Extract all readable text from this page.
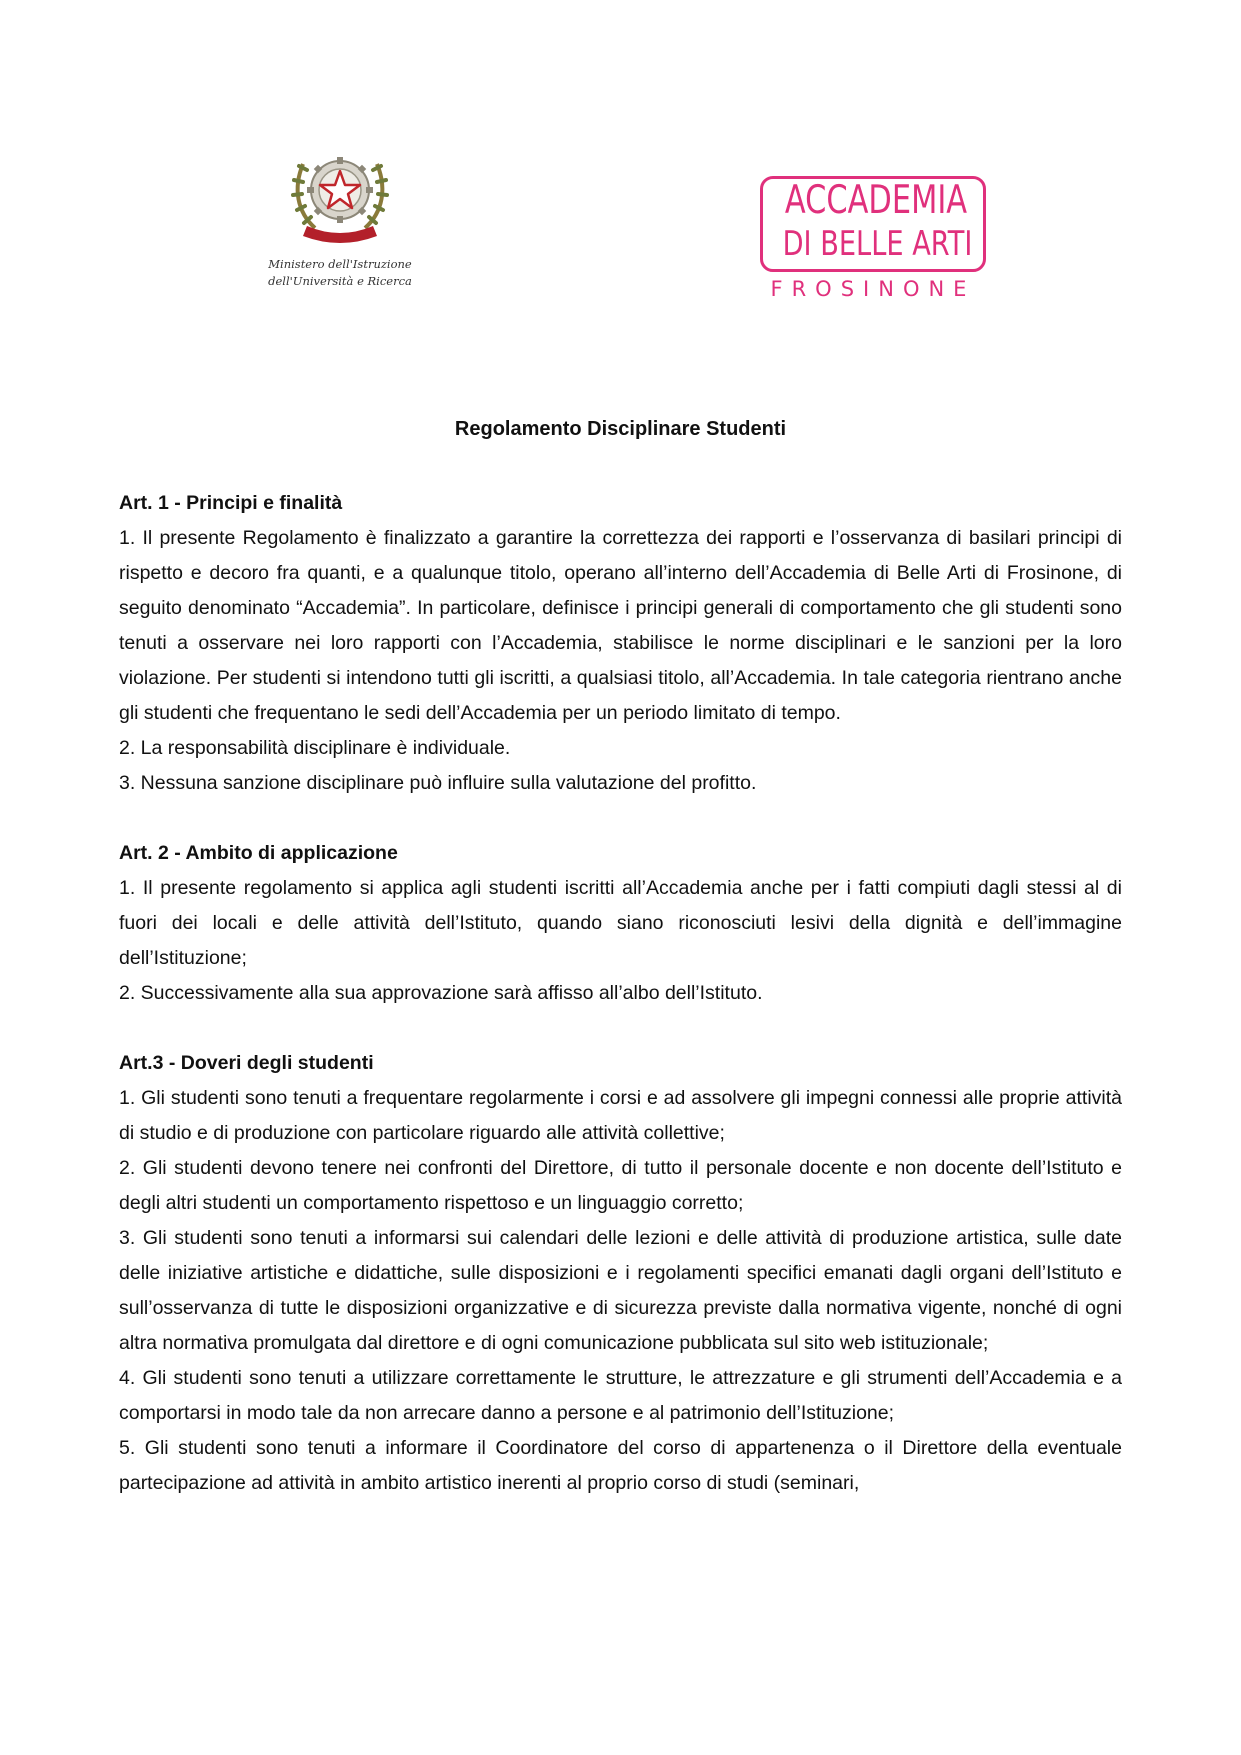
Ministero dell'Istruzione
dell'Università e Ricerca
ACCADEMIA
DI BELLE ARTI
FROSINONE
Regolamento Disciplinare Studenti
Art. 1 - Principi e finalità

1. Il presente Regolamento è finalizzato a garantire la correttezza dei rapporti e l’osservanza di basilari principi di rispetto e decoro fra quanti, e a qualunque titolo, operano all’interno dell’Accademia di Belle Arti di Frosinone, di seguito denominato “Accademia”. In particolare, definisce i principi generali di comportamento che gli studenti sono tenuti a osservare nei loro rapporti con l’Accademia, stabilisce le norme disciplinari e le sanzioni per la loro violazione. Per studenti si intendono tutti gli iscritti, a qualsiasi titolo, all’Accademia. In tale categoria rientrano anche gli studenti che frequentano le sedi dell’Accademia per un periodo limitato di tempo.

2. La responsabilità disciplinare è individuale.

3. Nessuna sanzione disciplinare può influire sulla valutazione del profitto.

Art. 2 - Ambito di applicazione

1. Il presente regolamento si applica agli studenti iscritti all’Accademia anche per i fatti compiuti dagli stessi al di fuori dei locali e delle attività dell’Istituto, quando siano riconosciuti lesivi della dignità e dell’immagine dell’Istituzione;

2. Successivamente alla sua approvazione sarà affisso all’albo dell’Istituto.

Art.3 - Doveri degli studenti

1. Gli studenti sono tenuti a frequentare regolarmente i corsi e ad assolvere gli impegni connessi alle proprie attività di studio e di produzione con particolare riguardo alle attività collettive;

2. Gli studenti devono tenere nei confronti del Direttore, di tutto il personale docente e non docente dell’Istituto e degli altri studenti un comportamento rispettoso e un linguaggio corretto;

3. Gli studenti sono tenuti a informarsi sui calendari delle lezioni e delle attività di produzione artistica, sulle date delle iniziative artistiche e didattiche, sulle disposizioni e i regolamenti specifici emanati dagli organi dell’Istituto e sull’osservanza di tutte le disposizioni organizzative e di sicurezza previste dalla normativa vigente, nonché di ogni altra normativa promulgata dal direttore e di ogni comunicazione pubblicata sul sito web istituzionale;

4. Gli studenti sono tenuti a utilizzare correttamente le strutture, le attrezzature e gli strumenti dell’Accademia e a comportarsi in modo tale da non arrecare danno a persone e al patrimonio dell’Istituzione;

5. Gli studenti sono tenuti a informare il Coordinatore del corso di appartenenza o il Direttore della eventuale partecipazione ad attività in ambito artistico inerenti al proprio corso di studi (seminari,
